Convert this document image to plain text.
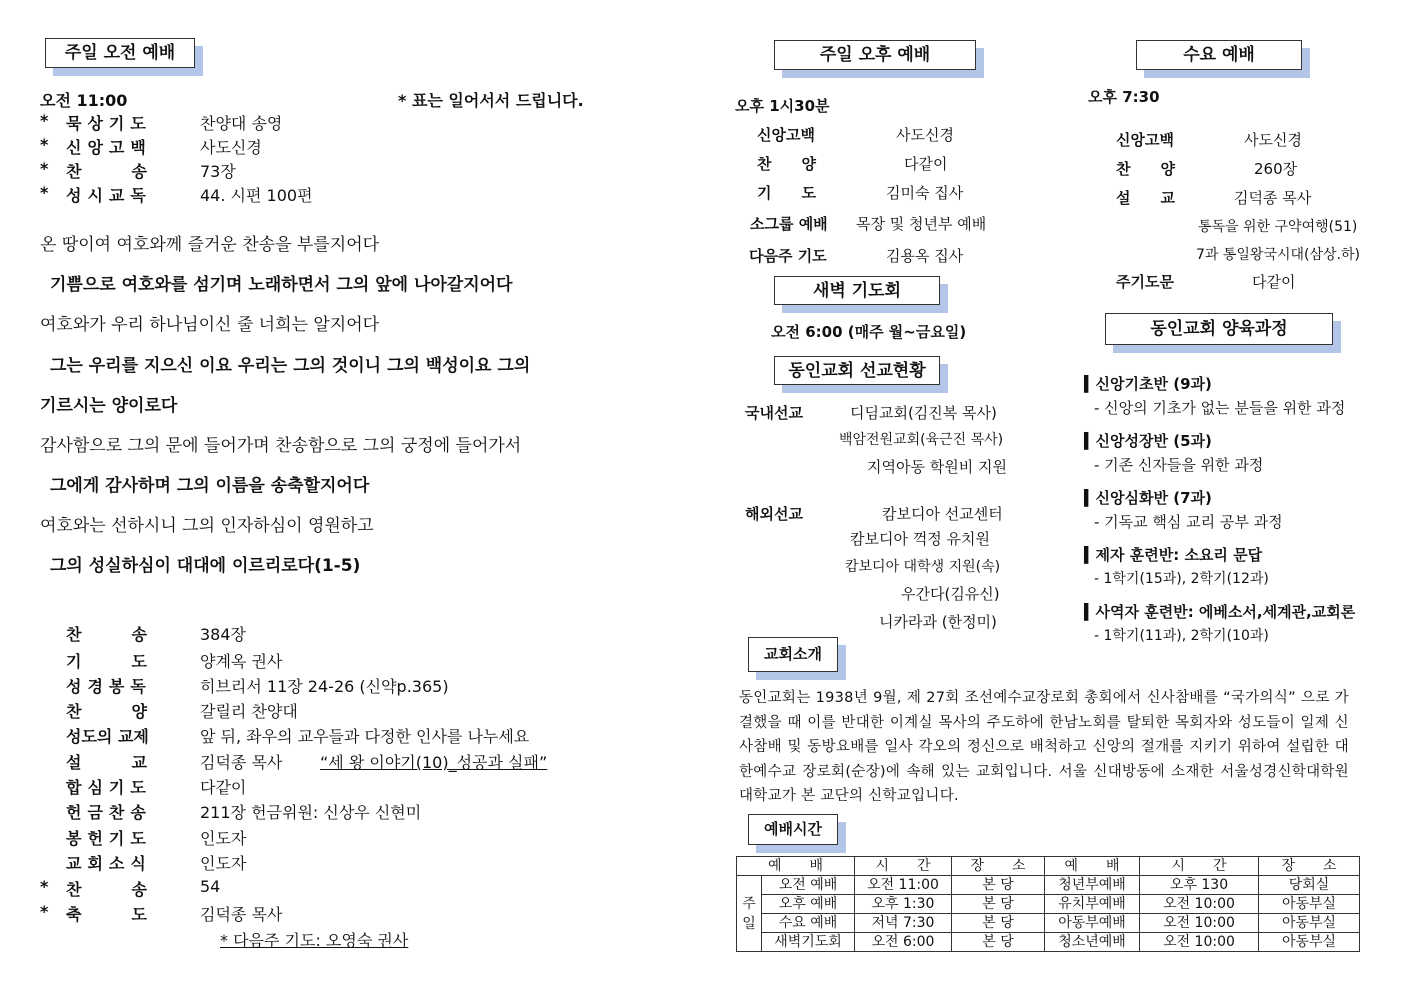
주일 오전 예배
오전 11:00	* 표는 일어서서 드립니다.
* 묵상기도	찬양대 송영
* 신앙고백	사도신경
* 찬　　송	73장
* 성시교독	44. 시편 100편
온 땅이여 여호와께 즐거운 찬송을 부를지어다
기쁨으로 여호와를 섬기며 노래하면서 그의 앞에 나아갈지어다
여호와가 우리 하나님이신 줄 너희는 알지어다
그는 우리를 지으신 이요 우리는 그의 것이니 그의 백성이요 그의
기르시는 양이로다
감사함으로 그의 문에 들어가며 찬송함으로 그의 궁정에 들어가서
그에게 감사하며 그의 이름을 송축할지어다
여호와는 선하시니 그의 인자하심이 영원하고
그의 성실하심이 대대에 이르리로다(1-5)
찬　　송	384장
기　　도	양계옥 권사
성경봉독	히브리서 11장 24-26 (신약p.365)
찬　　양	갈릴리 찬양대
성도의 교제	앞 뒤, 좌우의 교우들과 다정한 인사를 나누세요
설　　교	김덕종 목사 “세 왕 이야기(10)_성공과 실패”
합심기도	다같이
헌금찬송	211장 헌금위원: 신상우 신현미
봉헌기도	인도자
교회소식	인도자
* 찬　　송	54
* 축　　도	김덕종 목사
* 다음주 기도: 오영숙 권사
주일 오후 예배
오후 1시30분
신앙고백	사도신경
찬　　양	다같이
기　　도	김미숙 집사
소그룹 예배 목장 및 청년부 예배
다음주 기도	김용옥 집사
새벽 기도회
오전 6:00 (매주 월~금요일)
동인교회 선교현황
국내선교	디딤교회(김진복 목사)
백암전원교회(육근진 목사)
지역아동 학원비 지원
해외선교	캄보디아 선교센터
캄보디아 꺽정 유치원
캄보디아 대학생 지원(속)
우간다(김유신)
니카라과 (한정미)
수요 예배
오후 7:30
신앙고백	사도신경
찬　　양	260장
설　　교	김덕종 목사
통독을 위한 구약여행(51)
7과 통일왕국시대(삼상.하)
주기도문	다같이
동인교회 양육과정
▍신앙기초반 (9과)
- 신앙의 기초가 없는 분들을 위한 과정
▍신앙성장반 (5과)
- 기존 신자들을 위한 과정
▍신앙심화반 (7과)
- 기독교 핵심 교리 공부 과정
▍제자 훈련반: 소요리 문답
- 1학기(15과), 2학기(12과)
▍사역자 훈련반: 에베소서,세계관,교회론
- 1학기(11과), 2학기(10과)
교회소개
동인교회는 1938년 9월, 제 27회 조선예수교장로회 총회에서 신사참배를 “국가의식” 으로 가결했을 때 이를 반대한 이계실 목사의 주도하에 한남노회를 탈퇴한 목회자와 성도들이 일제 신사참배 및 동방요배를 일사 각오의 정신으로 배척하고 신앙의 절개를 지키기 위하여 설립한 대한예수교 장로회(순장)에 속해 있는 교회입니다. 서울 신대방동에 소재한 서울성경신학대학원대학교가 본 교단의 신학교입니다.
예배시간
예　　배		시　　간	장　　소	예　　배	시　　간	장　　소
주일	오전 예배	오전 11:00	본 당	청년부예배	오후 130	당회실
	오후 예배	오후 1:30	본 당	유치부예배	오전 10:00	아동부실
	수요 예배	저녁 7:30	본 당	아동부예배	오전 10:00	아동부실
	새벽기도회	오전 6:00	본 당	청소년예배	오전 10:00	아동부실
